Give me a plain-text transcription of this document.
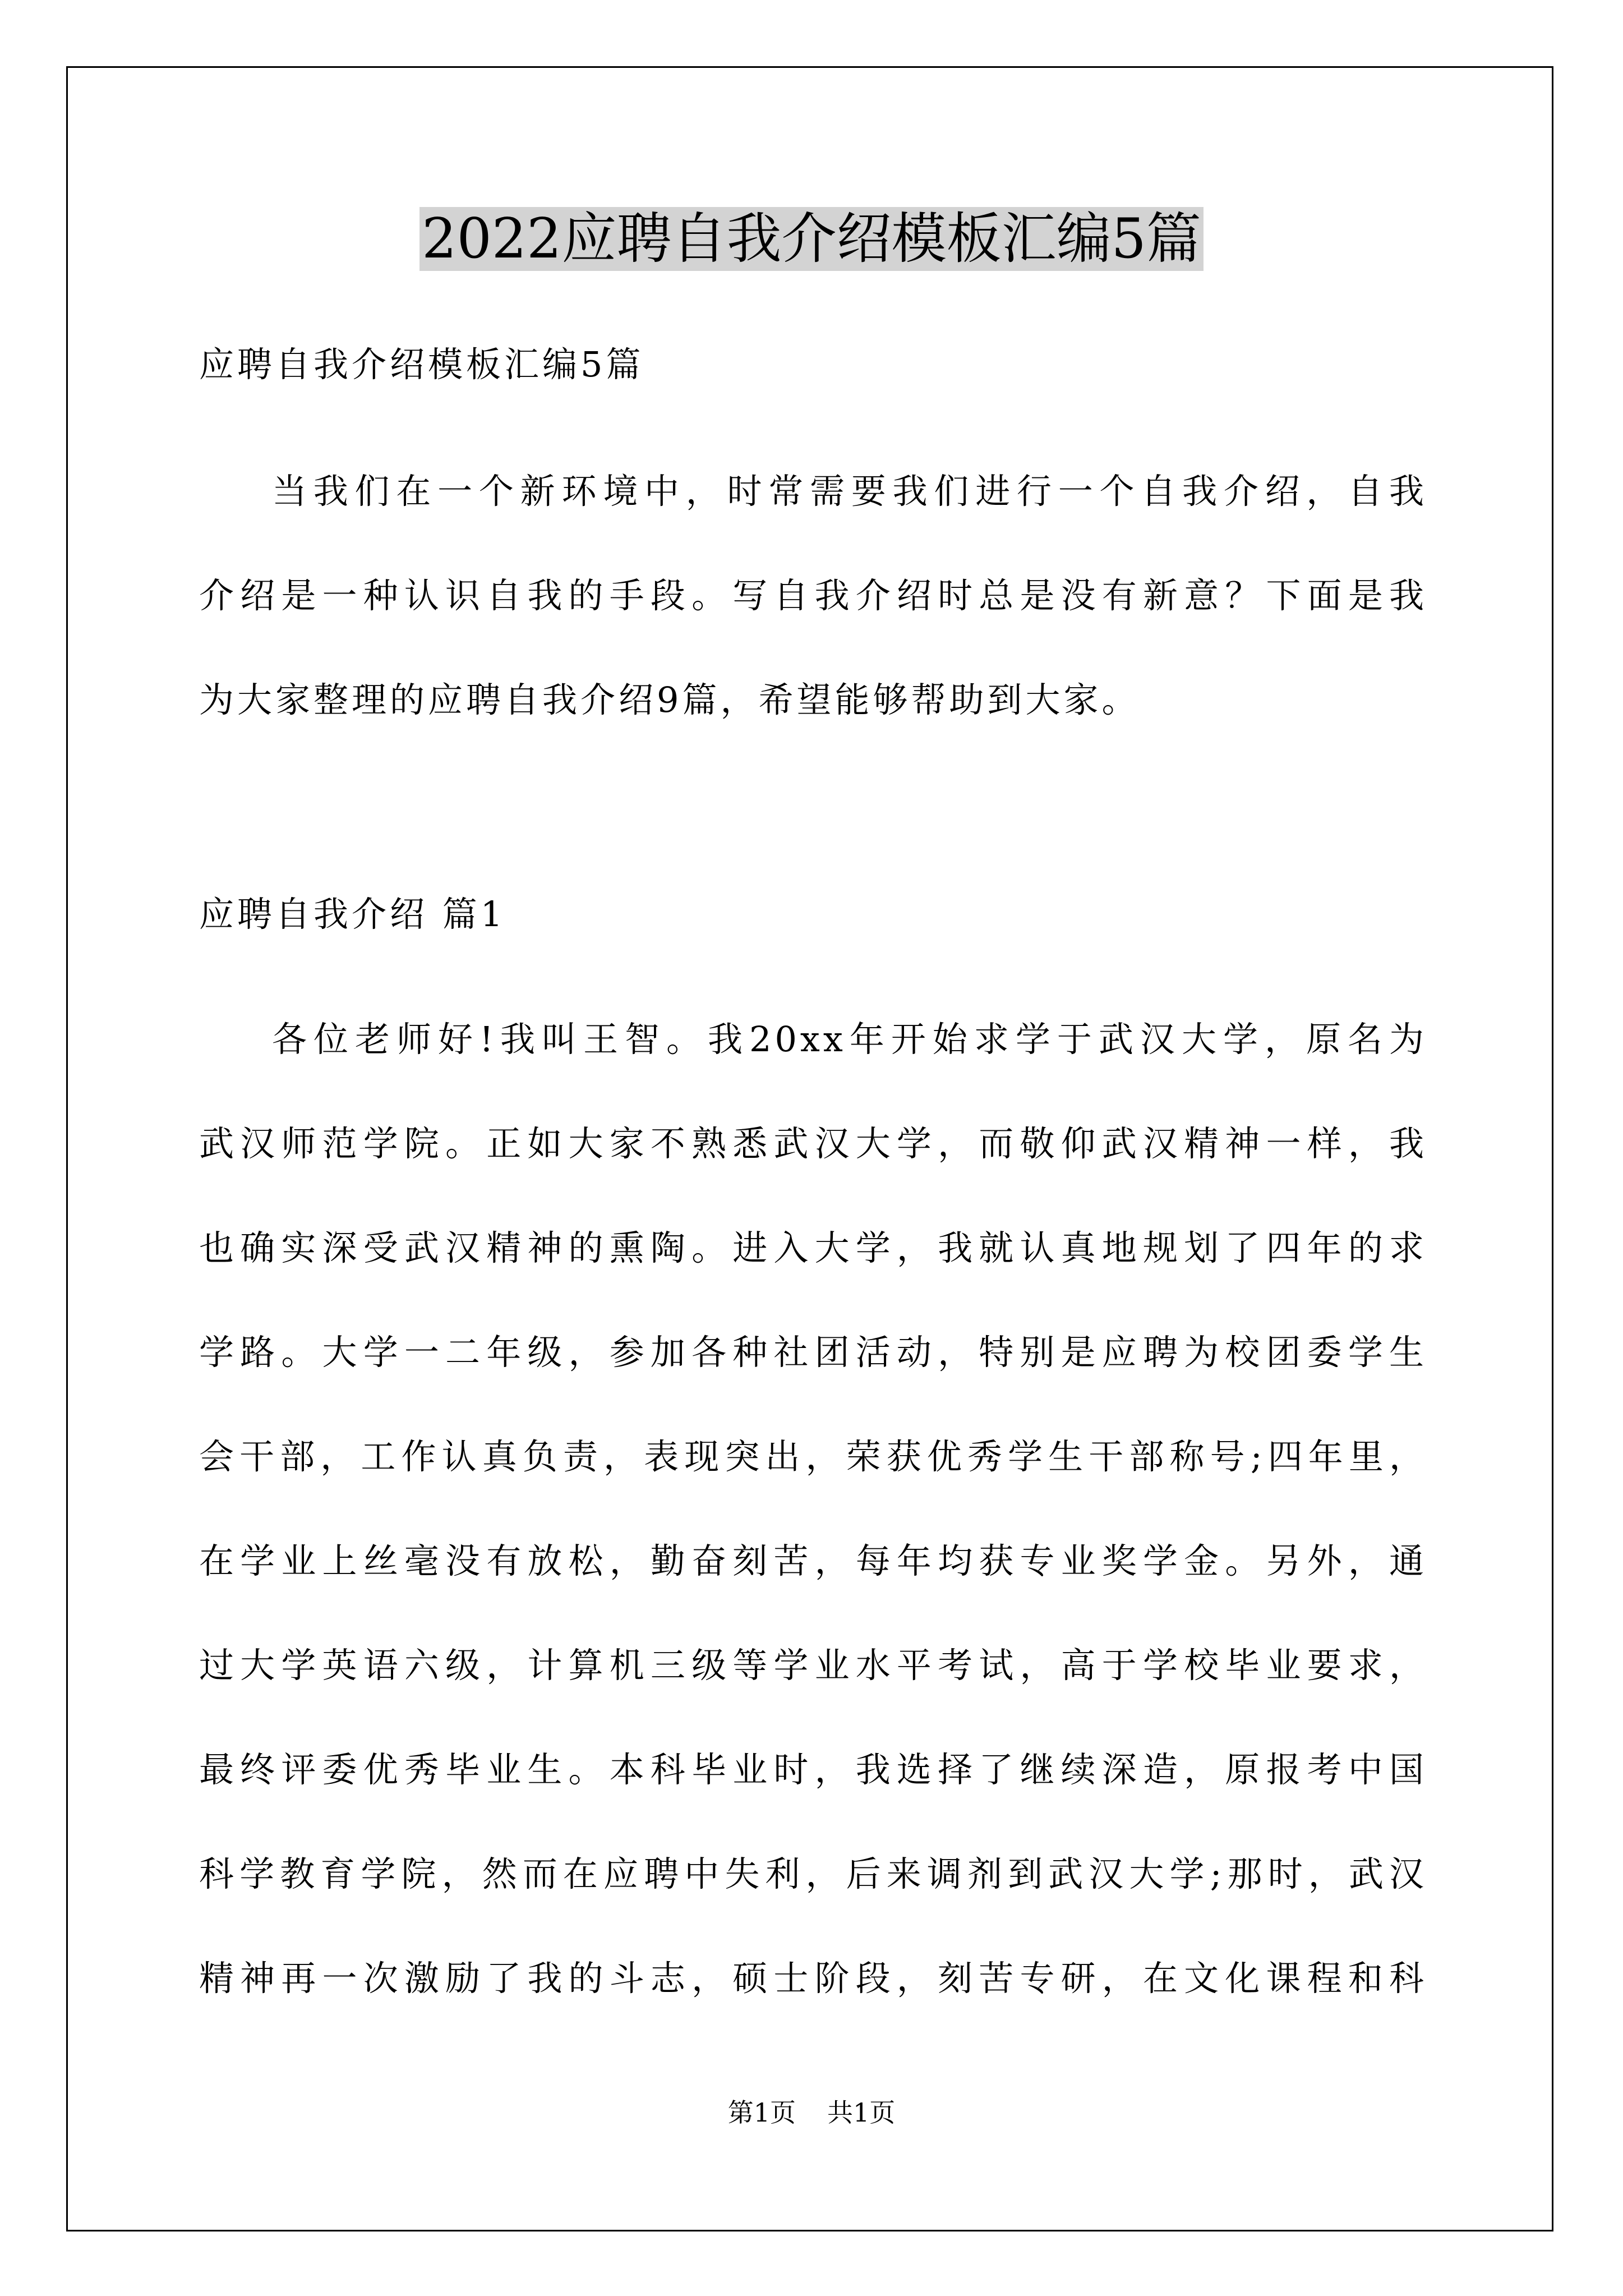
2022应聘自我介绍模板汇编5篇
应聘自我介绍模板汇编5篇
当我们在一个新环境中，时常需要我们进行一个自我介绍，自我
介绍是一种认识自我的手段。写自我介绍时总是没有新意？下面是我
为大家整理的应聘自我介绍9篇，希望能够帮助到大家。
应聘自我介绍 篇1
各位老师好!我叫王智。我20xx年开始求学于武汉大学，原名为
武汉师范学院。正如大家不熟悉武汉大学，而敬仰武汉精神一样，我
也确实深受武汉精神的熏陶。进入大学，我就认真地规划了四年的求
学路。大学一二年级，参加各种社团活动，特别是应聘为校团委学生
会干部，工作认真负责，表现突出，荣获优秀学生干部称号;四年里，
在学业上丝毫没有放松，勤奋刻苦，每年均获专业奖学金。另外，通
过大学英语六级，计算机三级等学业水平考试，高于学校毕业要求，
最终评委优秀毕业生。本科毕业时，我选择了继续深造，原报考中国
科学教育学院，然而在应聘中失利，后来调剂到武汉大学;那时，武汉
精神再一次激励了我的斗志，硕士阶段，刻苦专研，在文化课程和科
第1页 共1页
